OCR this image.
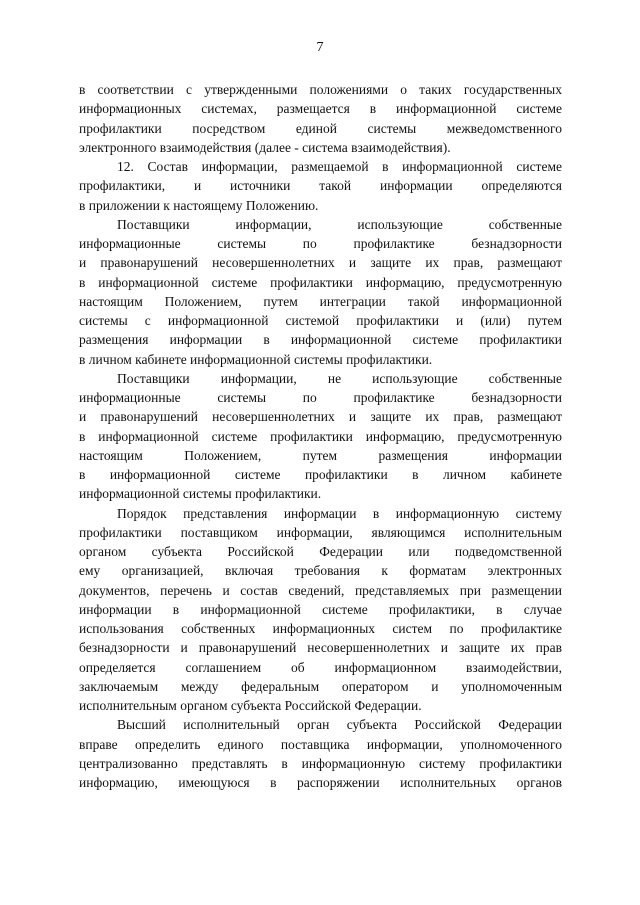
7

в соответствии с утвержденными положениями о таких государственных
информационных системах, размещается в информационной системе
профилактики посредством единой системы межведомственного
электронного взаимодействия (далее - система взаимодействия).

12. Состав информации, размещаемой в информационной системе
профилактики, и источники такой информации определяются
в приложении к настоящему Положению.

Поставщики информации, использующие собственные
информационные системы по профилактике безнадзорности
и правонарушений несовершеннолетних и защите их прав, размещают
в информационной системе профилактики информацию, предусмотренную
настоящим Положением, путем интеграции такой информационной
системы с информационной системой профилактики и (или) путем
размещения информации в информационной системе профилактики
в личном кабинете информационной системы профилактики.

Поставщики информации, не использующие собственные
информационные системы по профилактике безнадзорности
и правонарушений несовершеннолетних и защите их прав, размещают
в информационной системе профилактики информацию, предусмотренную
настоящим Положением, путем размещения информации
в информационной системе профилактики в личном кабинете
информационной системы профилактики.

Порядок представления информации в информационную систему
профилактики поставщиком информации, являющимся исполнительным
органом субъекта Российской Федерации или подведомственной
ему организацией, включая требования к форматам электронных
документов, перечень и состав сведений, представляемых при размещении
информации в информационной системе профилактики, в случае
использования собственных информационных систем по профилактике
безнадзорности и правонарушений несовершеннолетних и защите их прав
определяется соглашением об информационном взаимодействии,
заключаемым между федеральным оператором и уполномоченным
исполнительным органом субъекта Российской Федерации.

Высший исполнительный орган субъекта Российской Федерации
вправе определить единого поставщика информации, уполномоченного
централизованно представлять в информационную систему профилактики
информацию, имеющуюся в распоряжении исполнительных органов
